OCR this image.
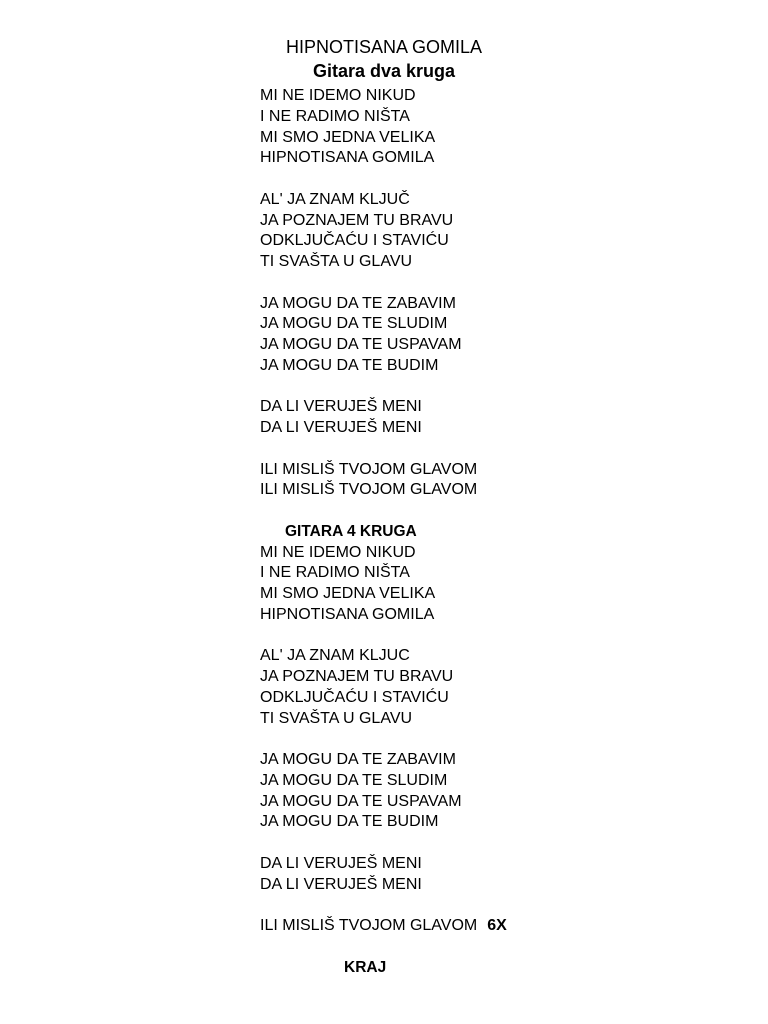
HIPNOTISANA GOMILA
Gitara dva kruga
MI NE IDEMO NIKUD
I NE RADIMO NIŠTA
MI SMO JEDNA VELIKA
HIPNOTISANA GOMILA
AL' JA ZNAM KLJUČ
JA POZNAJEM TU BRAVU
ODKLJUČAĆU I STAVIĆU
TI SVAŠTA U GLAVU
JA MOGU DA TE ZABAVIM
JA MOGU DA TE SLUDIM
JA MOGU DA TE USPAVAM
JA MOGU DA TE BUDIM
DA LI VERUJEŠ MENI
DA LI VERUJEŠ MENI
ILI MISLIŠ TVOJOM GLAVOM
ILI MISLIŠ TVOJOM GLAVOM
GITARA 4 KRUGA
MI NE IDEMO NIKUD
I NE RADIMO NIŠTA
MI SMO JEDNA VELIKA
HIPNOTISANA GOMILA
AL' JA ZNAM KLJUC
JA POZNAJEM TU BRAVU
ODKLJUČAĆU I STAVIĆU
TI SVAŠTA U GLAVU
JA MOGU DA TE ZABAVIM
JA MOGU DA TE SLUDIM
JA MOGU DA TE USPAVAM
JA MOGU DA TE BUDIM
DA LI VERUJEŠ MENI
DA LI VERUJEŠ MENI
ILI MISLIŠ TVOJOM GLAVOM 6X
KRAJ
